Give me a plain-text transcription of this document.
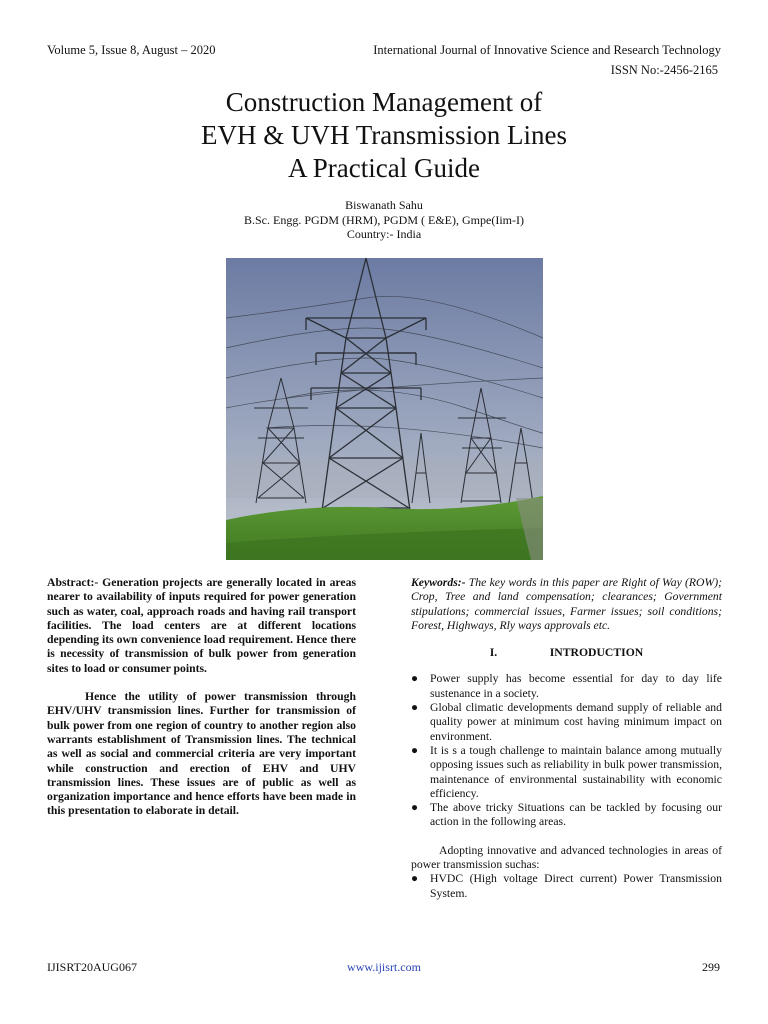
Volume 5, Issue 8, August – 2020	International Journal of Innovative Science and Research Technology
ISSN No:-2456-2165
Construction Management of
EVH & UVH Transmission Lines
A Practical Guide
Biswanath Sahu
B.Sc. Engg. PGDM (HRM), PGDM ( E&E), Gmpe(Iim-I)
Country:- India

Abstract:- Generation projects are generally located in areas nearer to availability of inputs required for power generation such as water, coal, approach roads and having rail transport facilities. The load centers are at different locations depending its own convenience load requirement. Hence there is necessity of transmission of bulk power from generation sites to load or consumer points.

Hence the utility of power transmission through EHV/UHV transmission lines. Further for transmission of bulk power from one region of country to another region also warrants establishment of Transmission lines. The technical as well as social and commercial criteria are very important while construction and erection of EHV and UHV transmission lines. These issues are of public as well as organization importance and hence efforts have been made in this presentation to elaborate in detail.

Keywords:- The key words in this paper are Right of Way (ROW); Crop, Tree and land compensation; clearances; Government stipulations; commercial issues, Farmer issues; soil conditions; Forest, Highways, Rly ways approvals etc.

I.	INTRODUCTION
● Power supply has become essential for day to day life sustenance in a society.
● Global climatic developments demand supply of reliable and quality power at minimum cost having minimum impact on environment.
● It is s a tough challenge to maintain balance among mutually opposing issues such as reliability in bulk power transmission, maintenance of environmental sustainability with economic efficiency.
● The above tricky Situations can be tackled by focusing our action in the following areas.

Adopting innovative and advanced technologies in areas of power transmission suchas:

● HVDC (High voltage Direct current) Power Transmission System.
IJISRT20AUG067	www.ijisrt.com	299
